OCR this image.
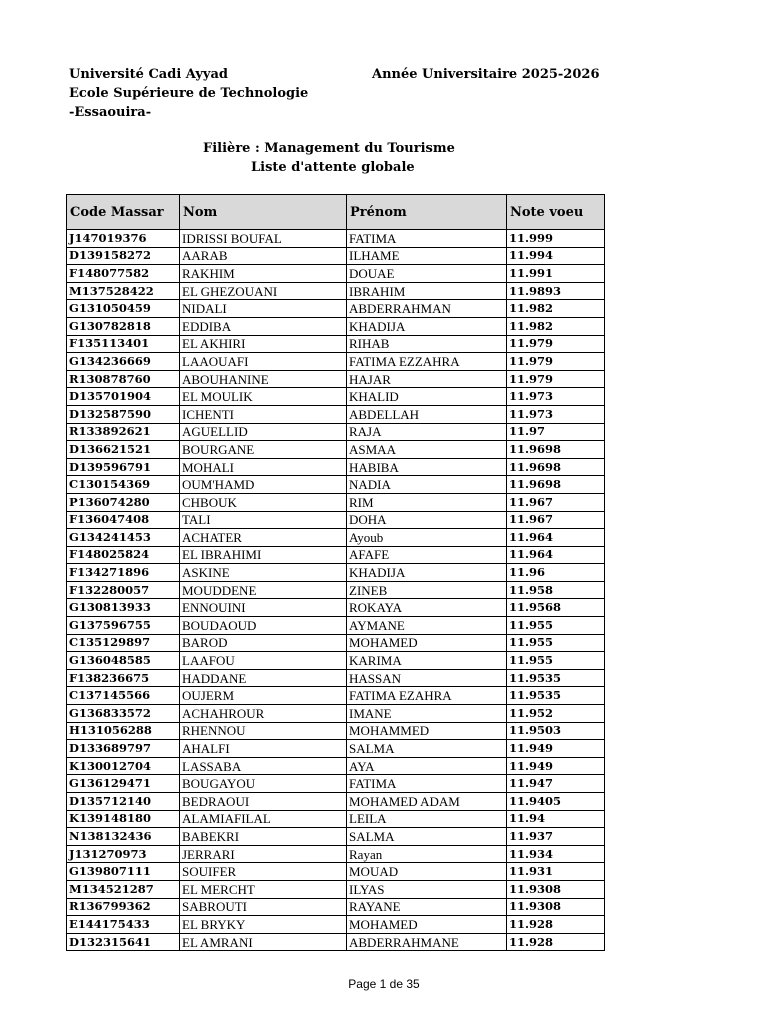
Université Cadi Ayyad
Ecole Supérieure de Technologie
-Essaouira-
Année Universitaire 2025-2026
Filière : Management du Tourisme
Liste d'attente globale
Code Massar	Nom	Prénom	Note voeu
J147019376	IDRISSI BOUFAL	FATIMA	11.999
D139158272	AARAB	ILHAME	11.994
F148077582	RAKHIM	DOUAE	11.991
M137528422	EL GHEZOUANI	IBRAHIM	11.9893
G131050459	NIDALI	ABDERRAHMAN	11.982
G130782818	EDDIBA	KHADIJA	11.982
F135113401	EL AKHIRI	RIHAB	11.979
G134236669	LAAOUAFI	FATIMA EZZAHRA	11.979
R130878760	ABOUHANINE	HAJAR	11.979
D135701904	EL MOULIK	KHALID	11.973
D132587590	ICHENTI	ABDELLAH	11.973
R133892621	AGUELLID	RAJA	11.97
D136621521	BOURGANE	ASMAA	11.9698
D139596791	MOHALI	HABIBA	11.9698
C130154369	OUM'HAMD	NADIA	11.9698
P136074280	CHBOUK	RIM	11.967
F136047408	TALI	DOHA	11.967
G134241453	ACHATER	Ayoub	11.964
F148025824	EL IBRAHIMI	AFAFE	11.964
F134271896	ASKINE	KHADIJA	11.96
F132280057	MOUDDENE	ZINEB	11.958
G130813933	ENNOUINI	ROKAYA	11.9568
G137596755	BOUDAOUD	AYMANE	11.955
C135129897	BAROD	MOHAMED	11.955
G136048585	LAAFOU	KARIMA	11.955
F138236675	HADDANE	HASSAN	11.9535
C137145566	OUJERM	FATIMA EZAHRA	11.9535
G136833572	ACHAHROUR	IMANE	11.952
H131056288	RHENNOU	MOHAMMED	11.9503
D133689797	AHALFI	SALMA	11.949
K130012704	LASSABA	AYA	11.949
G136129471	BOUGAYOU	FATIMA	11.947
D135712140	BEDRAOUI	MOHAMED ADAM	11.9405
K139148180	ALAMIAFILAL	LEILA	11.94
N138132436	BABEKRI	SALMA	11.937
J131270973	JERRARI	Rayan	11.934
G139807111	SOUIFER	MOUAD	11.931
M134521287	EL MERCHT	ILYAS	11.9308
R136799362	SABROUTI	RAYANE	11.9308
E144175433	EL BRYKY	MOHAMED	11.928
D132315641	EL AMRANI	ABDERRAHMANE	11.928
Page 1 de 35
